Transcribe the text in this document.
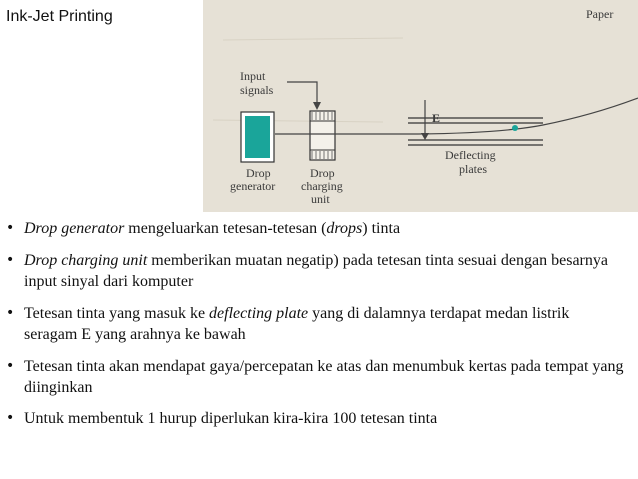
Ink-Jet Printing	Paper
Input
signals
E
Drop
generator
Drop
charging
unit
Deflecting
plates
• Drop generator mengeluarkan tetesan-tetesan (drops) tinta
• Drop charging unit memberikan muatan negatip) pada tetesan tinta sesuai dengan besarnya input sinyal dari komputer
• Tetesan tinta yang masuk ke deflecting plate yang di dalamnya terdapat medan listrik seragam E yang arahnya ke bawah
• Tetesan tinta akan mendapat gaya/percepatan ke atas dan menumbuk kertas pada tempat yang diinginkan
• Untuk membentuk 1 hurup diperlukan kira-kira 100 tetesan tinta
